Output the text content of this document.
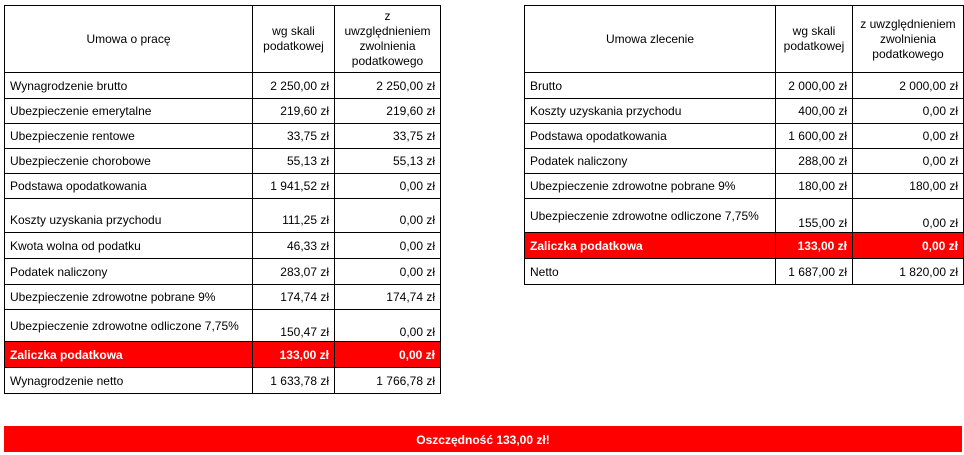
Umowa o pracę	wg skali podatkowej	z uwzględnieniem zwolnienia podatkowego
Wynagrodzenie brutto	2 250,00 zł	2 250,00 zł
Ubezpieczenie emerytalne	219,60 zł	219,60 zł
Ubezpieczenie rentowe	33,75 zł	33,75 zł
Ubezpieczenie chorobowe	55,13 zł	55,13 zł
Podstawa opodatkowania	1 941,52 zł	0,00 zł
Koszty uzyskania przychodu	111,25 zł	0,00 zł
Kwota wolna od podatku	46,33 zł	0,00 zł
Podatek naliczony	283,07 zł	0,00 zł
Ubezpieczenie zdrowotne pobrane 9%	174,74 zł	174,74 zł
Ubezpieczenie zdrowotne odliczone 7,75%	150,47 zł	0,00 zł
Zaliczka podatkowa	133,00 zł	0,00 zł
Wynagrodzenie netto	1 633,78 zł	1 766,78 zł
Umowa zlecenie	wg skali podatkowej	z uwzględnieniem zwolnienia podatkowego
Brutto	2 000,00 zł	2 000,00 zł
Koszty uzyskania przychodu	400,00 zł	0,00 zł
Podstawa opodatkowania	1 600,00 zł	0,00 zł
Podatek naliczony	288,00 zł	0,00 zł
Ubezpieczenie zdrowotne pobrane 9%	180,00 zł	180,00 zł
Ubezpieczenie zdrowotne odliczone 7,75%	155,00 zł	0,00 zł
Zaliczka podatkowa	133,00 zł	0,00 zł
Netto	1 687,00 zł	1 820,00 zł
Oszczędność 133,00 zł!
